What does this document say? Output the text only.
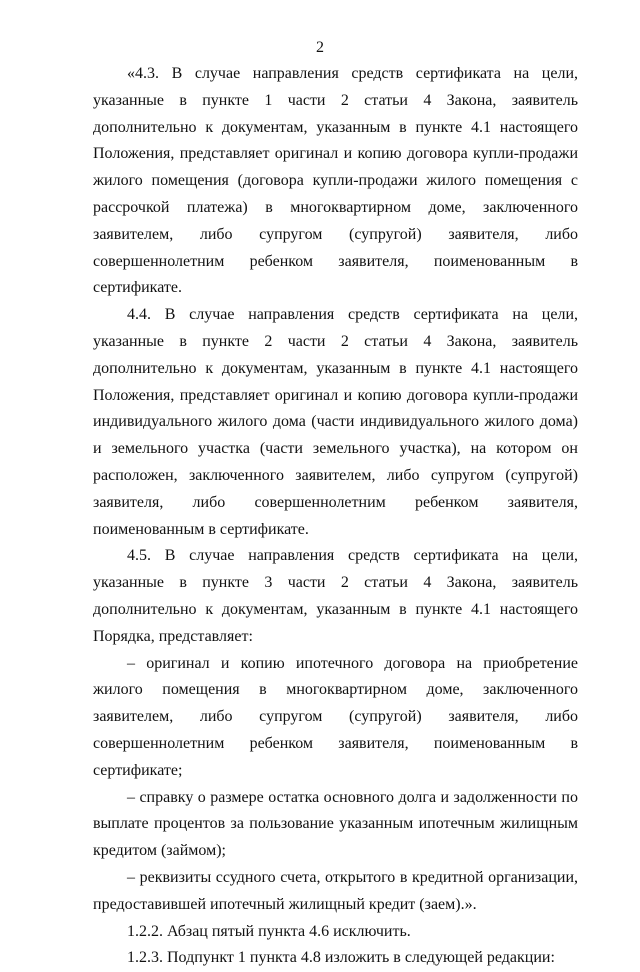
2

«4.3. В случае направления средств сертификата на цели, указанные в пункте 1 части 2 статьи 4 Закона, заявитель дополнительно к документам, указанным в пункте 4.1 настоящего Положения, представляет оригинал и копию договора купли-продажи жилого помещения (договора купли-продажи жилого помещения с рассрочкой платежа) в многоквартирном доме, заключенного заявителем, либо супругом (супругой) заявителя, либо совершеннолетним ребенком заявителя, поименованным в сертификате.

4.4. В случае направления средств сертификата на цели, указанные в пункте 2 части 2 статьи 4 Закона, заявитель дополнительно к документам, указанным в пункте 4.1 настоящего Положения, представляет оригинал и копию договора купли-продажи индивидуального жилого дома (части индивидуального жилого дома) и земельного участка (части земельного участка), на котором он расположен, заключенного заявителем, либо супругом (супругой) заявителя, либо совершеннолетним ребенком заявителя, поименованным в сертификате.

4.5. В случае направления средств сертификата на цели, указанные в пункте 3 части 2 статьи 4 Закона, заявитель дополнительно к документам, указанным в пункте 4.1 настоящего Порядка, представляет:

– оригинал и копию ипотечного договора на приобретение жилого помещения в многоквартирном доме, заключенного заявителем, либо супругом (супругой) заявителя, либо совершеннолетним ребенком заявителя, поименованным в сертификате;

– справку о размере остатка основного долга и задолженности по выплате процентов за пользование указанным ипотечным жилищным кредитом (займом);

– реквизиты ссудного счета, открытого в кредитной организации, предоставившей ипотечный жилищный кредит (заем).».

1.2.2. Абзац пятый пункта 4.6 исключить.

1.2.3. Подпункт 1 пункта 4.8 изложить в следующей редакции:
